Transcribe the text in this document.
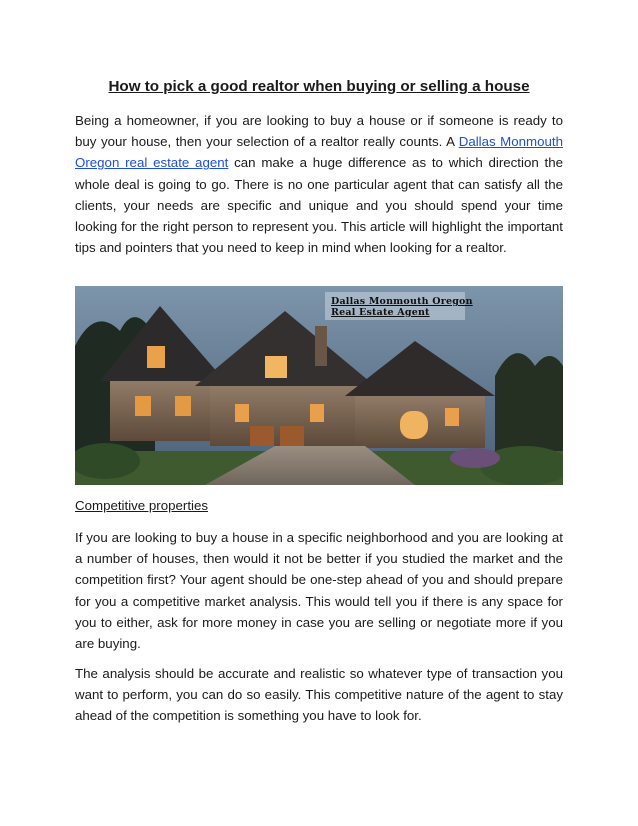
How to pick a good realtor when buying or selling a house

Being a homeowner, if you are looking to buy a house or if someone is ready to buy your house, then your selection of a realtor really counts. A Dallas Monmouth Oregon real estate agent can make a huge difference as to which direction the whole deal is going to go. There is no one particular agent that can satisfy all the clients, your needs are specific and unique and you should spend your time looking for the right person to represent you. This article will highlight the important tips and pointers that you need to keep in mind when looking for a realtor.

Dallas Monmouth Oregon
Real Estate Agent
Competitive properties

If you are looking to buy a house in a specific neighborhood and you are looking at a number of houses, then would it not be better if you studied the market and the competition first? Your agent should be one-step ahead of you and should prepare for you a competitive market analysis. This would tell you if there is any space for you to either, ask for more money in case you are selling or negotiate more if you are buying.

The analysis should be accurate and realistic so whatever type of transaction you want to perform, you can do so easily. This competitive nature of the agent to stay ahead of the competition is something you have to look for.
